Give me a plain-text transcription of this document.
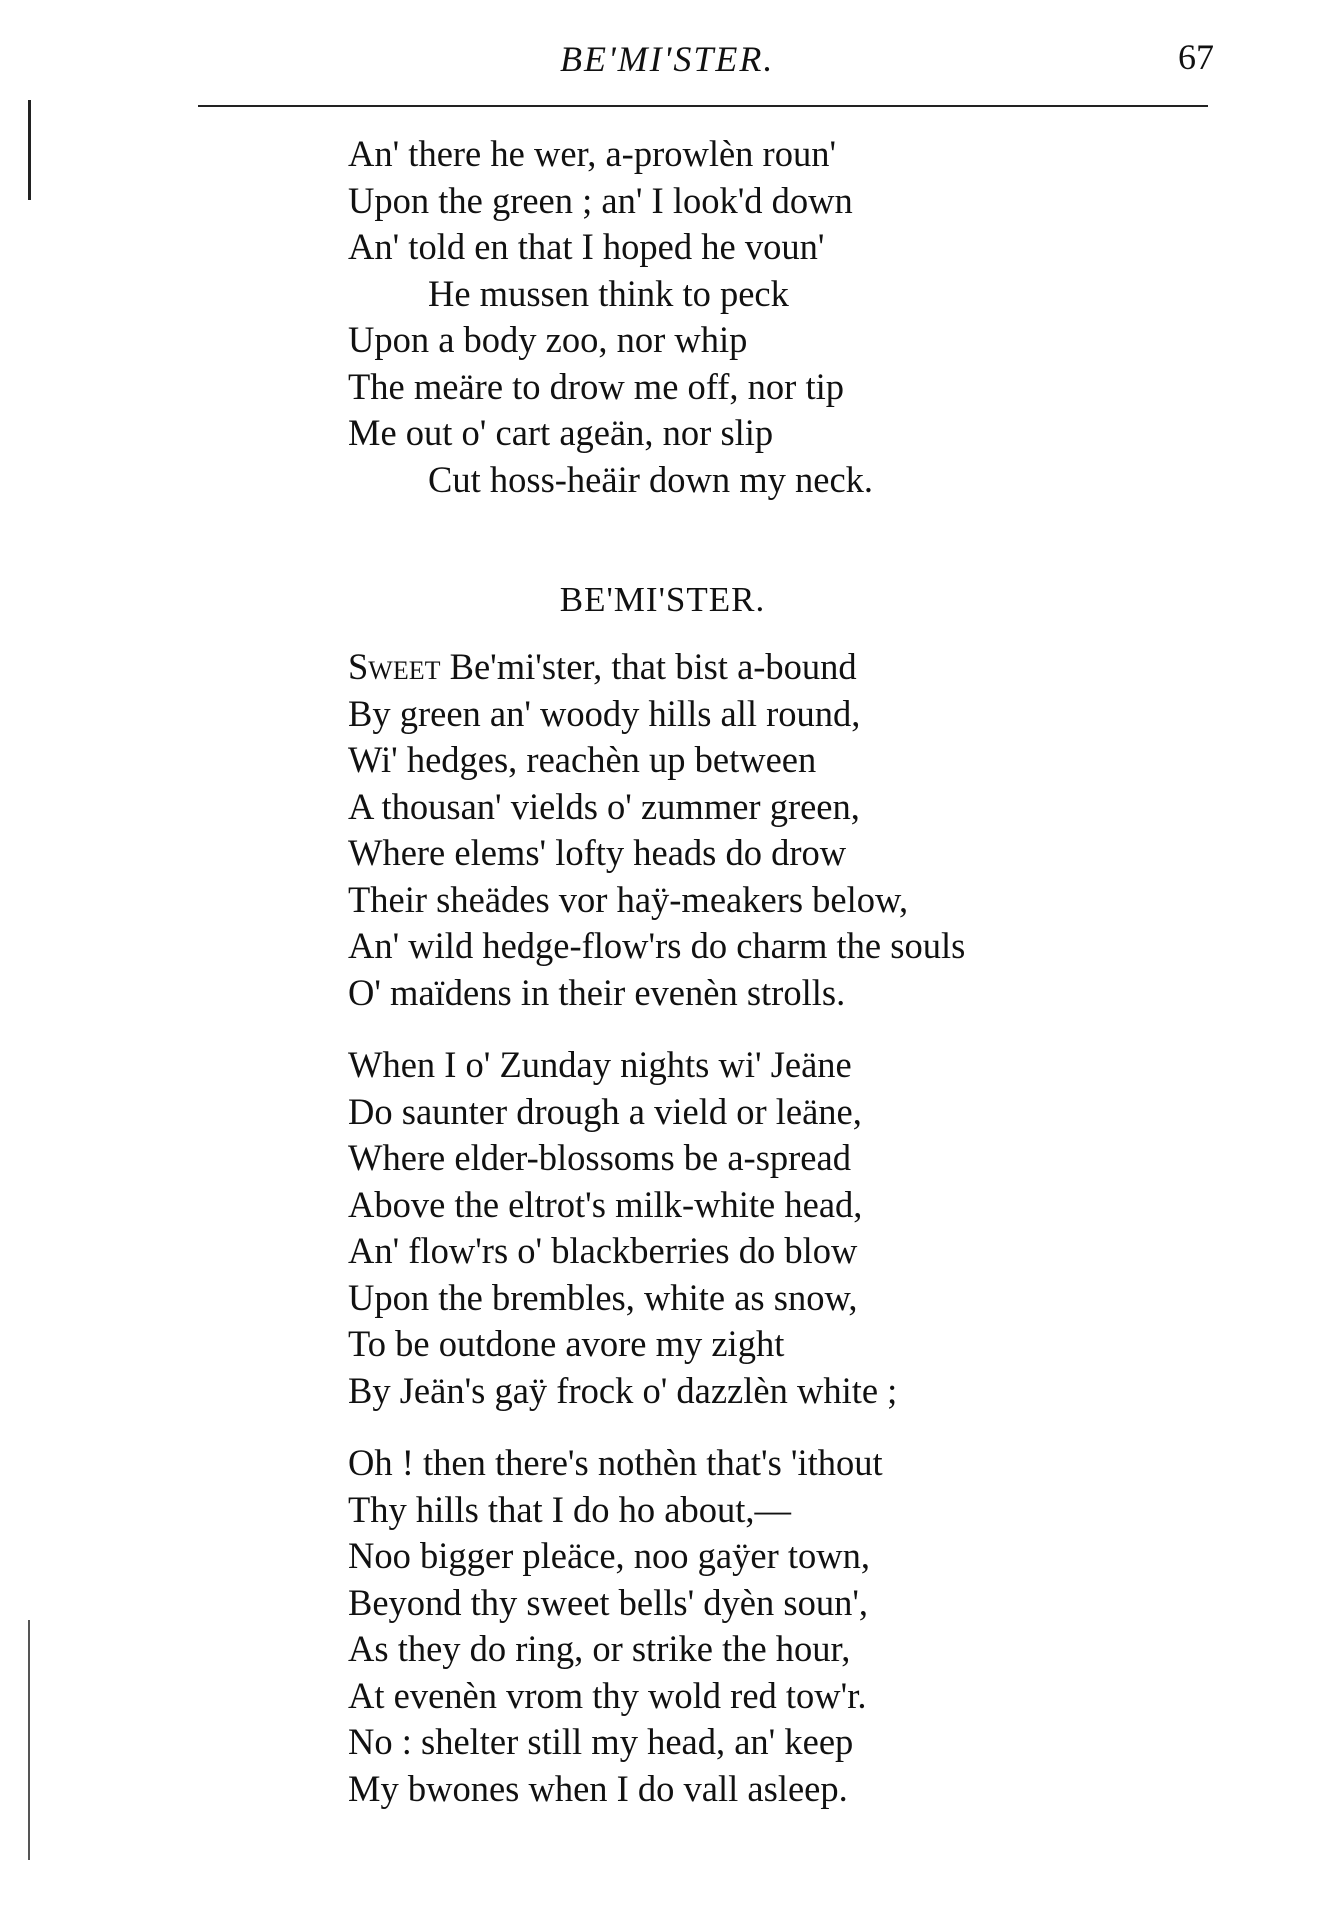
BE'MI'STER.	67
An' there he wer, a-prowlèn roun'
Upon the green ; an' I look'd down
An' told en that I hoped he voun'
He mussen think to peck
Upon a body zoo, nor whip
The meäre to drow me off, nor tip
Me out o' cart ageän, nor slip
Cut hoss-heäir down my neck.
BE'MI'STER.
Sweet Be'mi'ster, that bist a-bound
By green an' woody hills all round,
Wi' hedges, reachèn up between
A thousan' vields o' zummer green,
Where elems' lofty heads do drow
Their sheädes vor haÿ-meakers below,
An' wild hedge-flow'rs do charm the souls
O' maïdens in their evenèn strolls.
When I o' Zunday nights wi' Jeäne
Do saunter drough a vield or leäne,
Where elder-blossoms be a-spread
Above the eltrot's milk-white head,
An' flow'rs o' blackberries do blow
Upon the brembles, white as snow,
To be outdone avore my zight
By Jeän's gaÿ frock o' dazzlèn white ;
Oh ! then there's nothèn that's 'ithout
Thy hills that I do ho about,—
Noo bigger pleäce, noo gaÿer town,
Beyond thy sweet bells' dyèn soun',
As they do ring, or strike the hour,
At evenèn vrom thy wold red tow'r.
No : shelter still my head, an' keep
My bwones when I do vall asleep.
